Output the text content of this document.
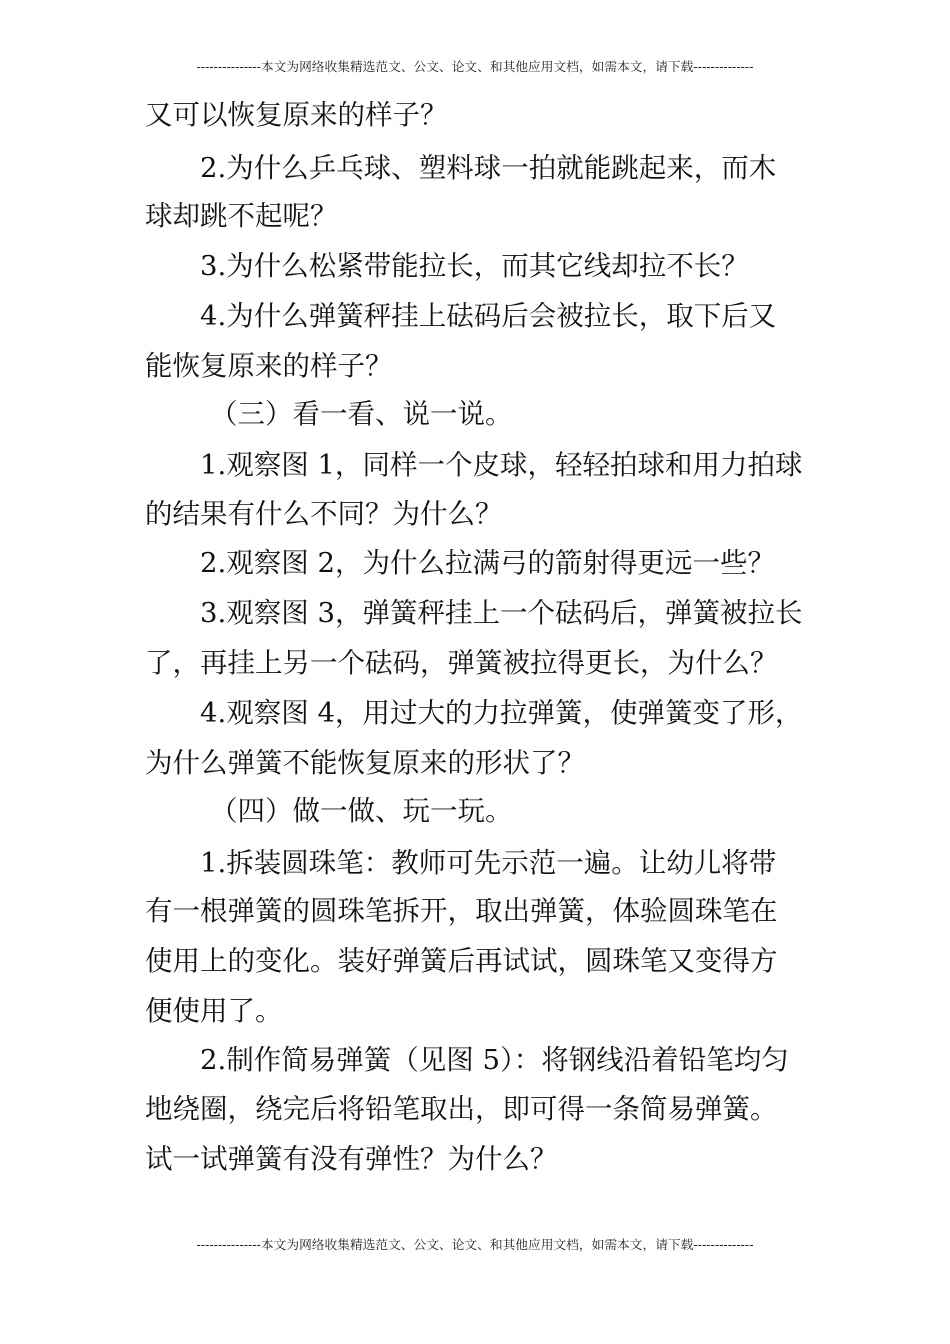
---------------本文为网络收集精选范文、公文、论文、和其他应用文档，如需本文，请下载--------------
又可以恢复原来的样子？
2.为什么乒乓球、塑料球一拍就能跳起来，而木
球却跳不起呢？
3.为什么松紧带能拉长，而其它线却拉不长？
4.为什么弹簧秤挂上砝码后会被拉长，取下后又
能恢复原来的样子？
（三）看一看、说一说。
1.观察图 1，同样一个皮球，轻轻拍球和用力拍球
的结果有什么不同？为什么？
2.观察图 2，为什么拉满弓的箭射得更远一些？
3.观察图 3，弹簧秤挂上一个砝码后，弹簧被拉长
了，再挂上另一个砝码，弹簧被拉得更长，为什么？
4.观察图 4，用过大的力拉弹簧，使弹簧变了形，
为什么弹簧不能恢复原来的形状了？
（四）做一做、玩一玩。
1.拆装圆珠笔：教师可先示范一遍。让幼儿将带
有一根弹簧的圆珠笔拆开，取出弹簧，体验圆珠笔在
使用上的变化。装好弹簧后再试试，圆珠笔又变得方
便使用了。
2.制作简易弹簧（见图 5）：将钢线沿着铅笔均匀
地绕圈，绕完后将铅笔取出，即可得一条简易弹簧。
试一试弹簧有没有弹性？为什么？
---------------本文为网络收集精选范文、公文、论文、和其他应用文档，如需本文，请下载--------------
